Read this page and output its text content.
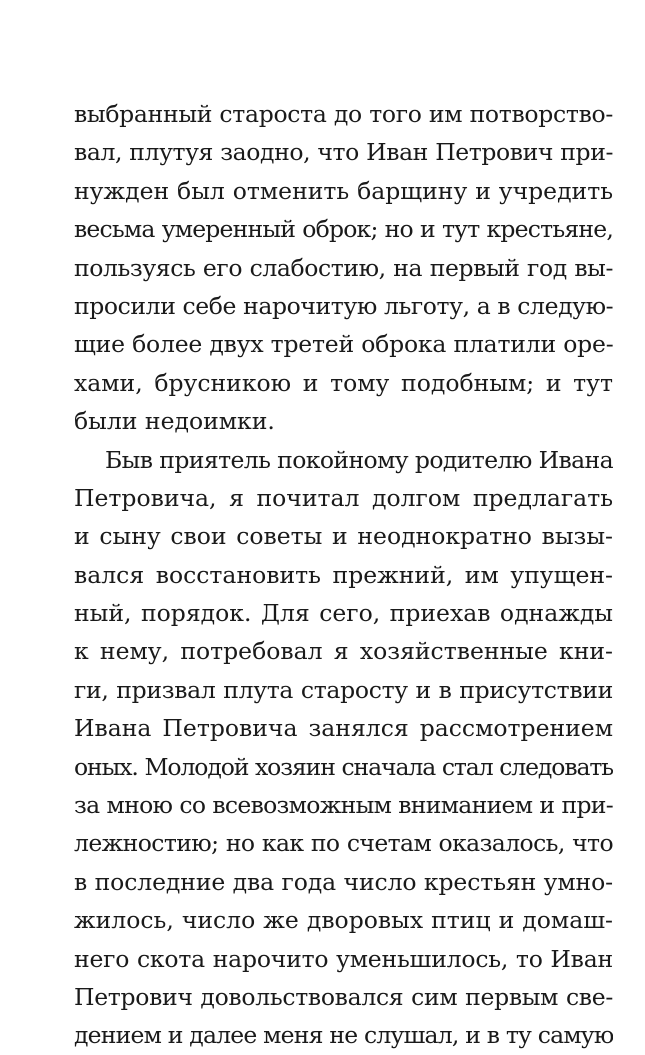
выбранный староста до того им потворство-
вал, плутуя заодно, что Иван Петрович при-
нужден был отменить барщину и учредить
весьма умеренный оброк; но и тут крестьяне,
пользуясь его слабостию, на первый год вы-
просили себе нарочитую льготу, а в следую-
щие более двух третей оброка платили оре-
хами, брусникою и тому подобным; и тут
были недоимки.
Быв приятель покойному родителю Ивана
Петровича, я почитал долгом предлагать
и сыну свои советы и неоднократно вызы-
вался восстановить прежний, им упущен-
ный, порядок. Для сего, приехав однажды
к нему, потребовал я хозяйственные кни-
ги, призвал плута старосту и в присутствии
Ивана Петровича занялся рассмотрением
оных. Молодой хозяин сначала стал следовать
за мною со всевозможным вниманием и при-
лежностию; но как по счетам оказалось, что
в последние два года число крестьян умно-
жилось, число же дворовых птиц и домаш-
него скота нарочито уменьшилось, то Иван
Петрович довольствовался сим первым све-
дением и далее меня не слушал, и в ту самую
